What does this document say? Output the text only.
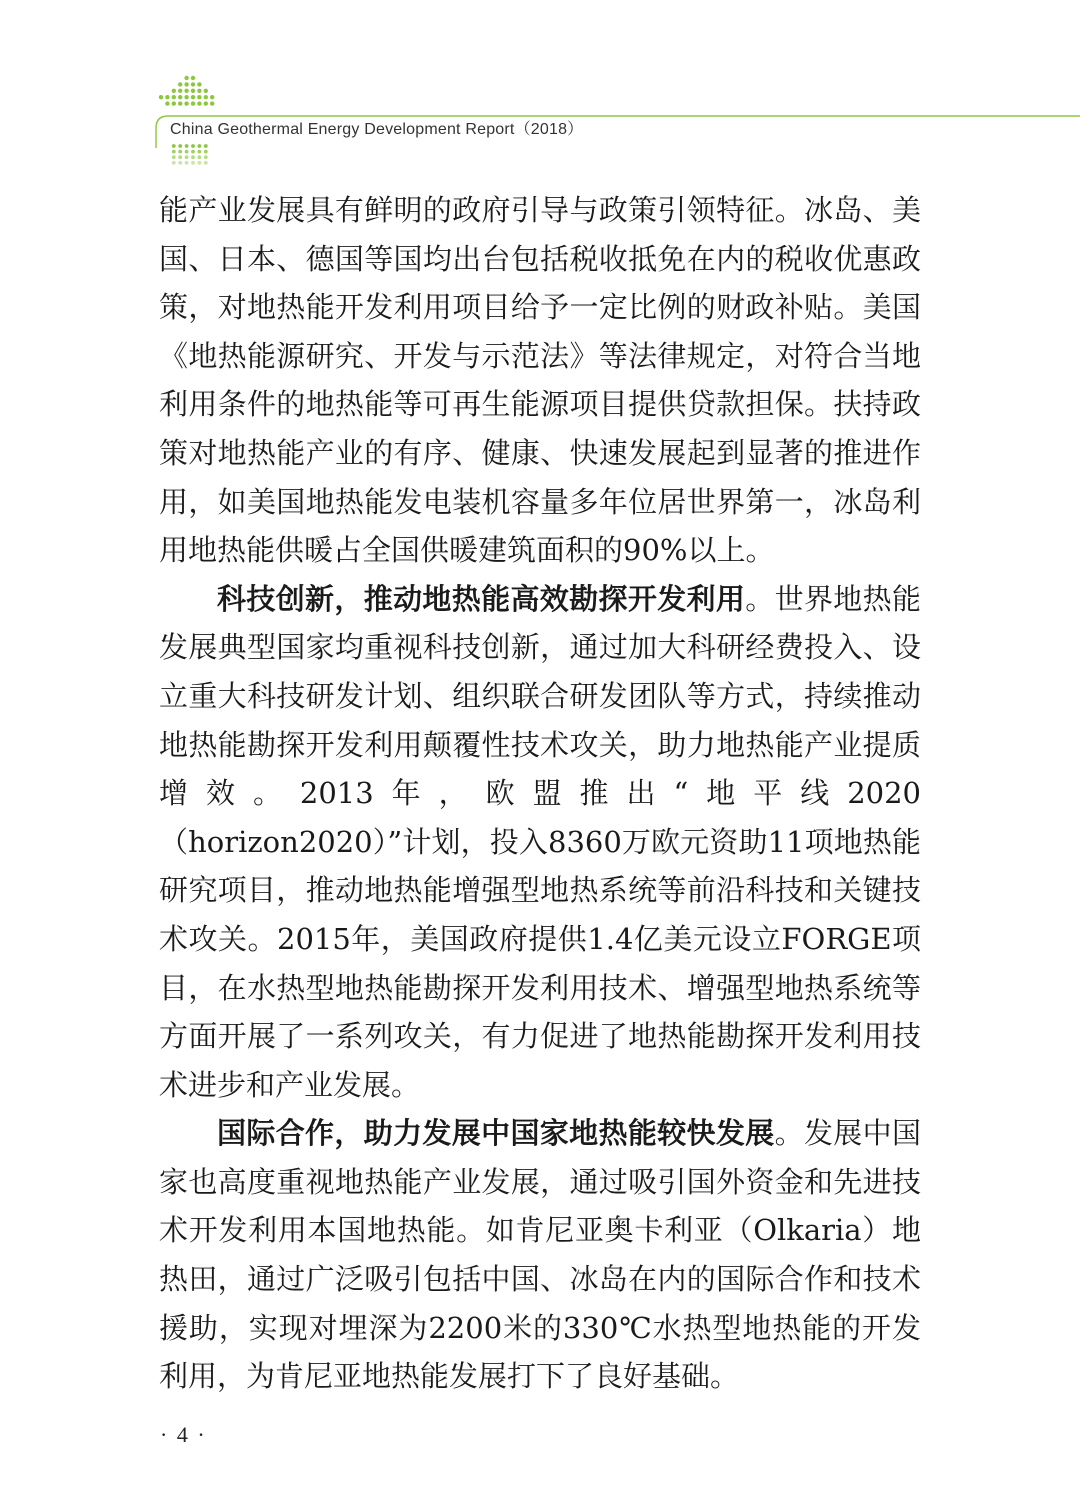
China Geothermal Energy Development Report（2018）

能产业发展具有鲜明的政府引导与政策引领特征。冰岛、美国、日本、德国等国均出台包括税收抵免在内的税收优惠政策，对地热能开发利用项目给予一定比例的财政补贴。美国《地热能源研究、开发与示范法》等法律规定，对符合当地利用条件的地热能等可再生能源项目提供贷款担保。扶持政策对地热能产业的有序、健康、快速发展起到显著的推进作用，如美国地热能发电装机容量多年位居世界第一，冰岛利用地热能供暖占全国供暖建筑面积的90%以上。

科技创新，推动地热能高效勘探开发利用。世界地热能发展典型国家均重视科技创新，通过加大科研经费投入、设立重大科技研发计划、组织联合研发团队等方式，持续推动地热能勘探开发利用颠覆性技术攻关，助力地热能产业提质增效。2013年，欧盟推出“地平线2020（horizon2020）”计划，投入8360万欧元资助11项地热能研究项目，推动地热能增强型地热系统等前沿科技和关键技术攻关。2015年，美国政府提供1.4亿美元设立FORGE项目，在水热型地热能勘探开发利用技术、增强型地热系统等方面开展了一系列攻关，有力促进了地热能勘探开发利用技术进步和产业发展。

国际合作，助力发展中国家地热能较快发展。发展中国家也高度重视地热能产业发展，通过吸引国外资金和先进技术开发利用本国地热能。如肯尼亚奥卡利亚（Olkaria）地热田，通过广泛吸引包括中国、冰岛在内的国际合作和技术援助，实现对埋深为2200米的330℃水热型地热能的开发利用，为肯尼亚地热能发展打下了良好基础。

· 4 ·
